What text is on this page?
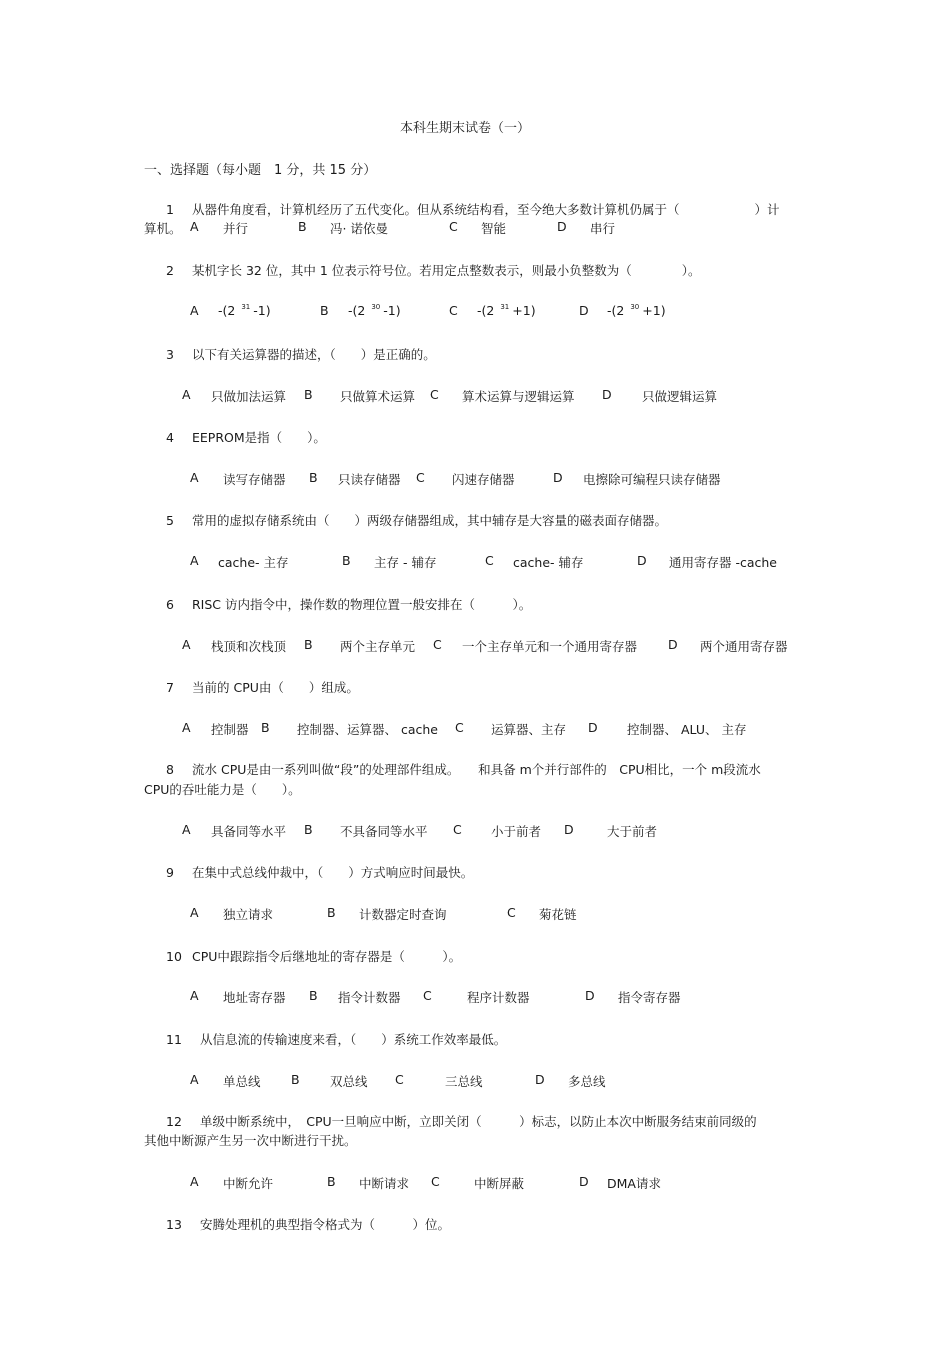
本科生期末试卷（一）
一、选择题（每小题　1 分，共 15 分）
1 从器件角度看，计算机经历了五代变化。但从系统结构看，至今绝大多数计算机仍属于（　　　　　　）计
算机。 A 并行	B 冯· 诺依曼	C 智能	D 串行
2 某机字长 32 位，其中 1 位表示符号位。若用定点整数表示，则最小负整数为（　　　　）。
A -(2 $^{31}$ -1)	B -(2 $^{30}$ -1)	C -(2 $^{31}$ +1)	D -(2 $^{30}$ +1)
3 以下有关运算器的描述，（　　）是正确的。
A 只做加法运算 B 只做算术运算 C 算术运算与逻辑运算 D 只做逻辑运算
4 EEPROM是指（　　）。
A 读写存储器 B 只读存储器 C 闪速存储器	D 电擦除可编程只读存储器
5 常用的虚拟存储系统由（　　）两级存储器组成，其中辅存是大容量的磁表面存储器。
A cache- 主存	B 主存 - 辅存	C cache- 辅存	D 通用寄存器 -cache
6 RISC 访内指令中，操作数的物理位置一般安排在（　　　）。
A 栈顶和次栈顶 B 两个主存单元 C 一个主存单元和一个通用寄存器 D 两个通用寄存器
7 当前的 CPU由（　　）组成。
A 控制器 B 控制器、运算器、 cache C 运算器、主存 D 控制器、 ALU、 主存
8 流水 CPU是由一系列叫做“段”的处理部件组成。　　和具备 m个并行部件的　CPU相比，一个 m段流水
CPU的吞吐能力是（　　）。
A 具备同等水平 B 不具备同等水平 C 小于前者 D	大于前者
9 在集中式总线仲裁中，（　　）方式响应时间最快。
A 独立请求	B 计数器定时查询	C 菊花链
10 CPU中跟踪指令后继地址的寄存器是（　　　）。
A 地址寄存器 B 指令计数器 C	程序计数器	D 指令寄存器
11 从信息流的传输速度来看，（　　）系统工作效率最低。
A 单总线 B 双总线 C	三总线	D 多总线
12 单级中断系统中，　CPU一旦响应中断，立即关闭（　　　）标志，以防止本次中断服务结束前同级的
其他中断源产生另一次中断进行干扰。
A 中断允许	B 中断请求 C	中断屏蔽	D DMA请求
13 安腾处理机的典型指令格式为（　　　）位。
